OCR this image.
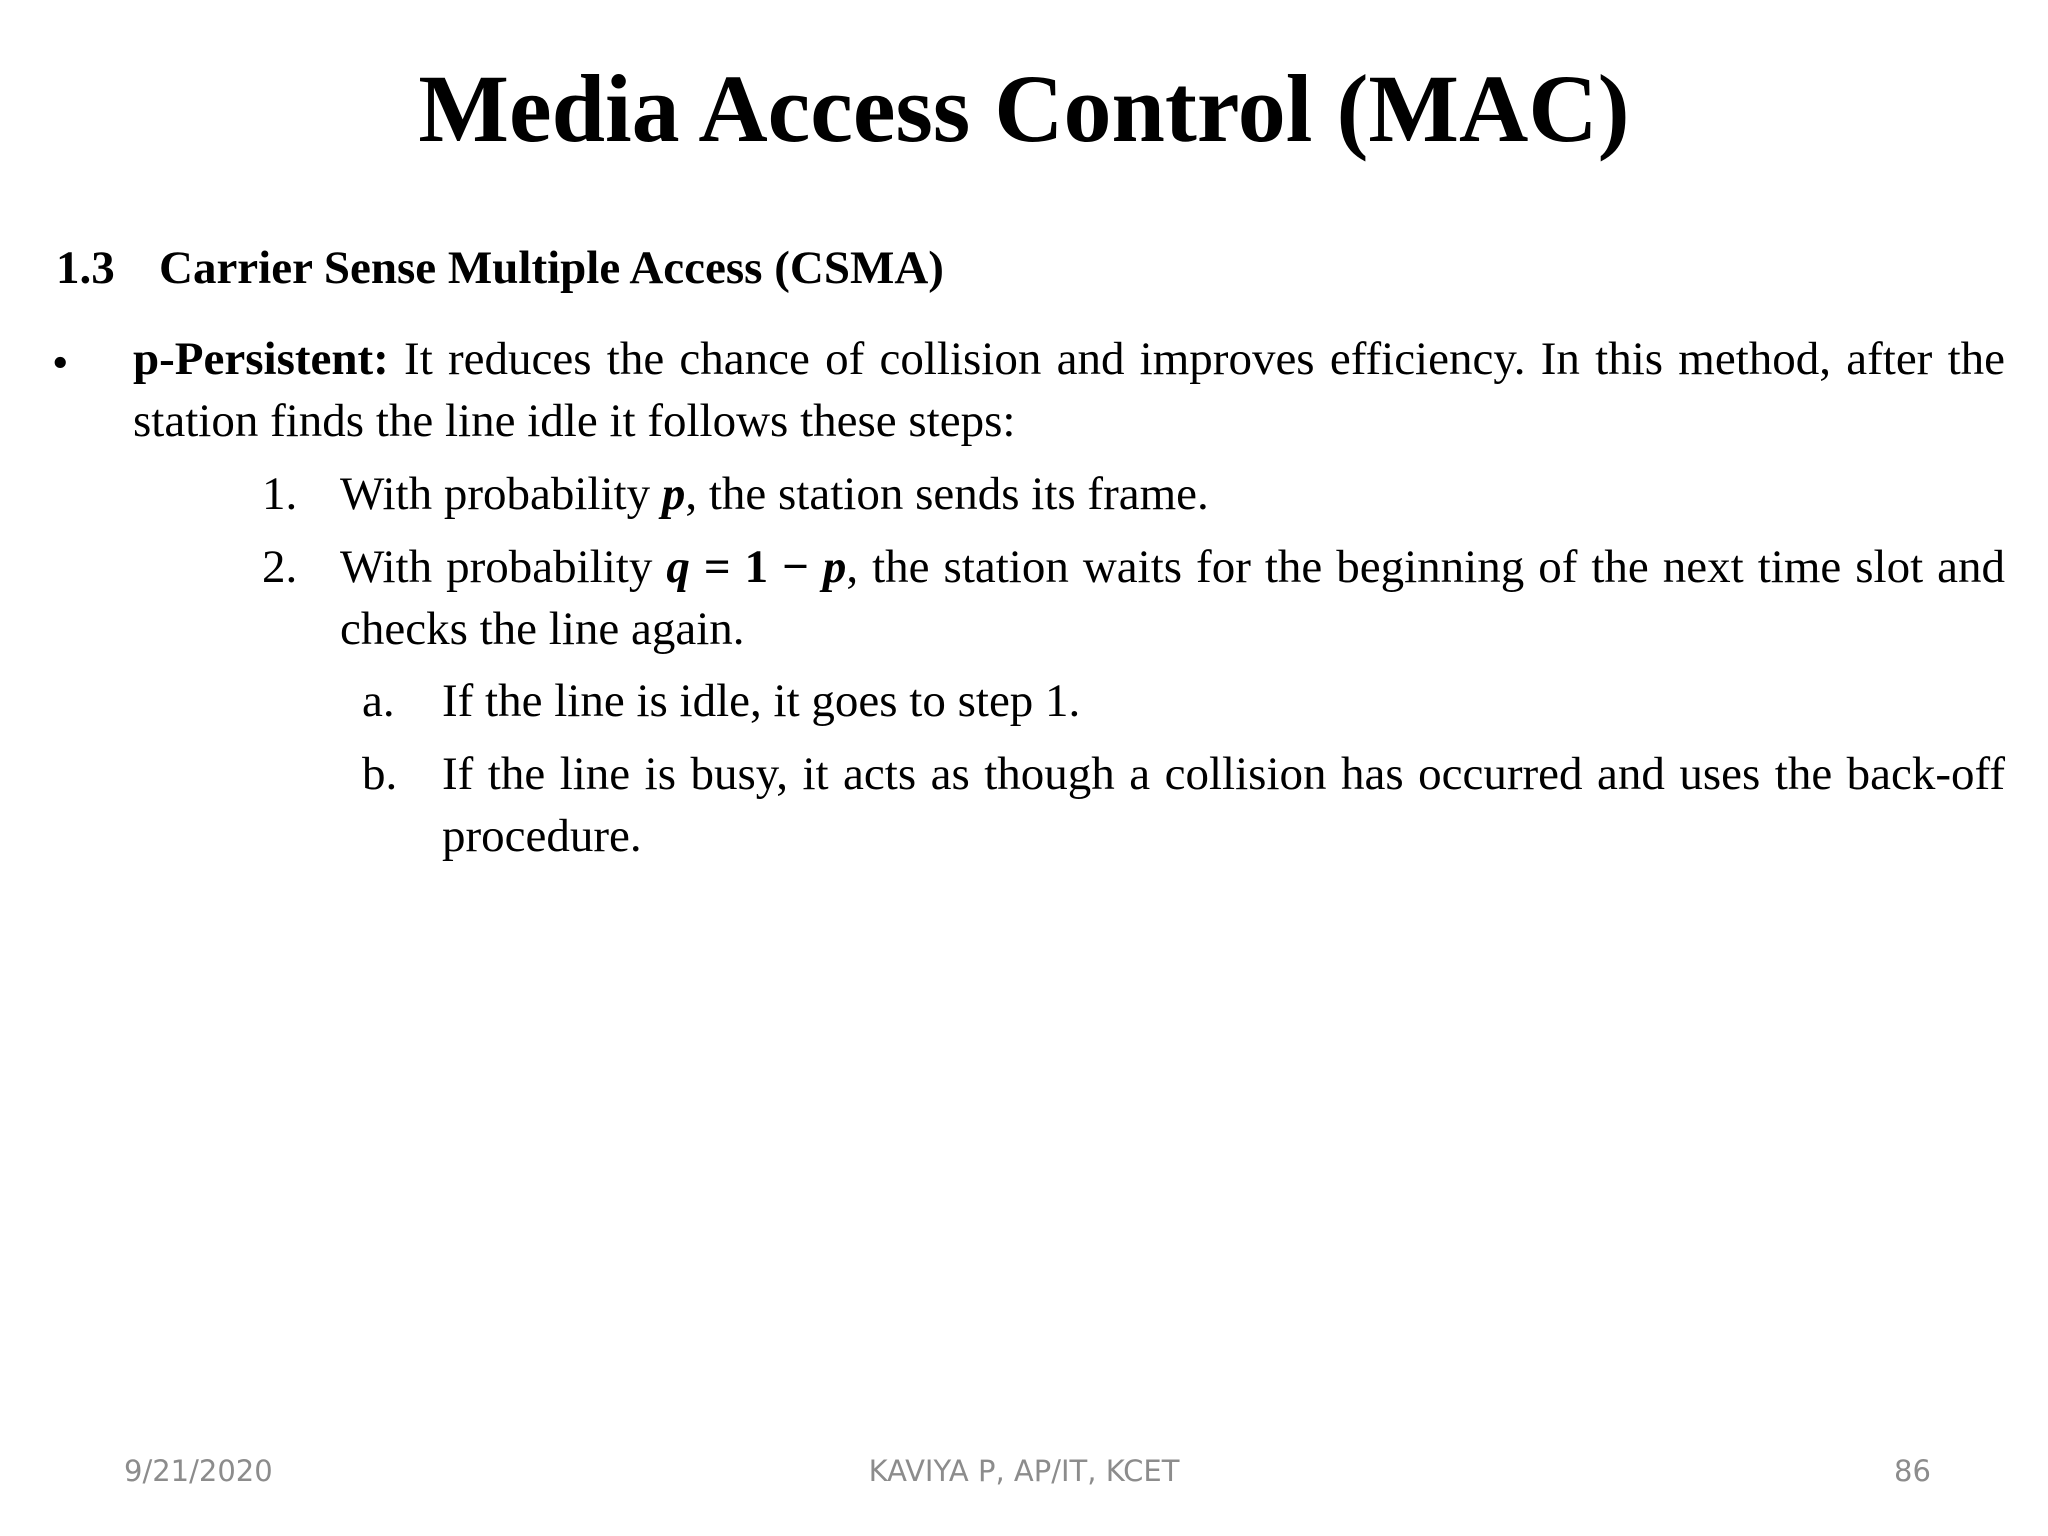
Media Access Control (MAC)
1.3 Carrier Sense Multiple Access (CSMA)
• p-Persistent: It reduces the chance of collision and improves efficiency. In this method, after the station finds the line idle it follows these steps:
1. With probability p, the station sends its frame.
2. With probability q = 1 − p, the station waits for the beginning of the next time slot and checks the line again.
a. If the line is idle, it goes to step 1.
b. If the line is busy, it acts as though a collision has occurred and uses the back-off procedure.
9/21/2020	KAVIYA P, AP/IT, KCET	86
